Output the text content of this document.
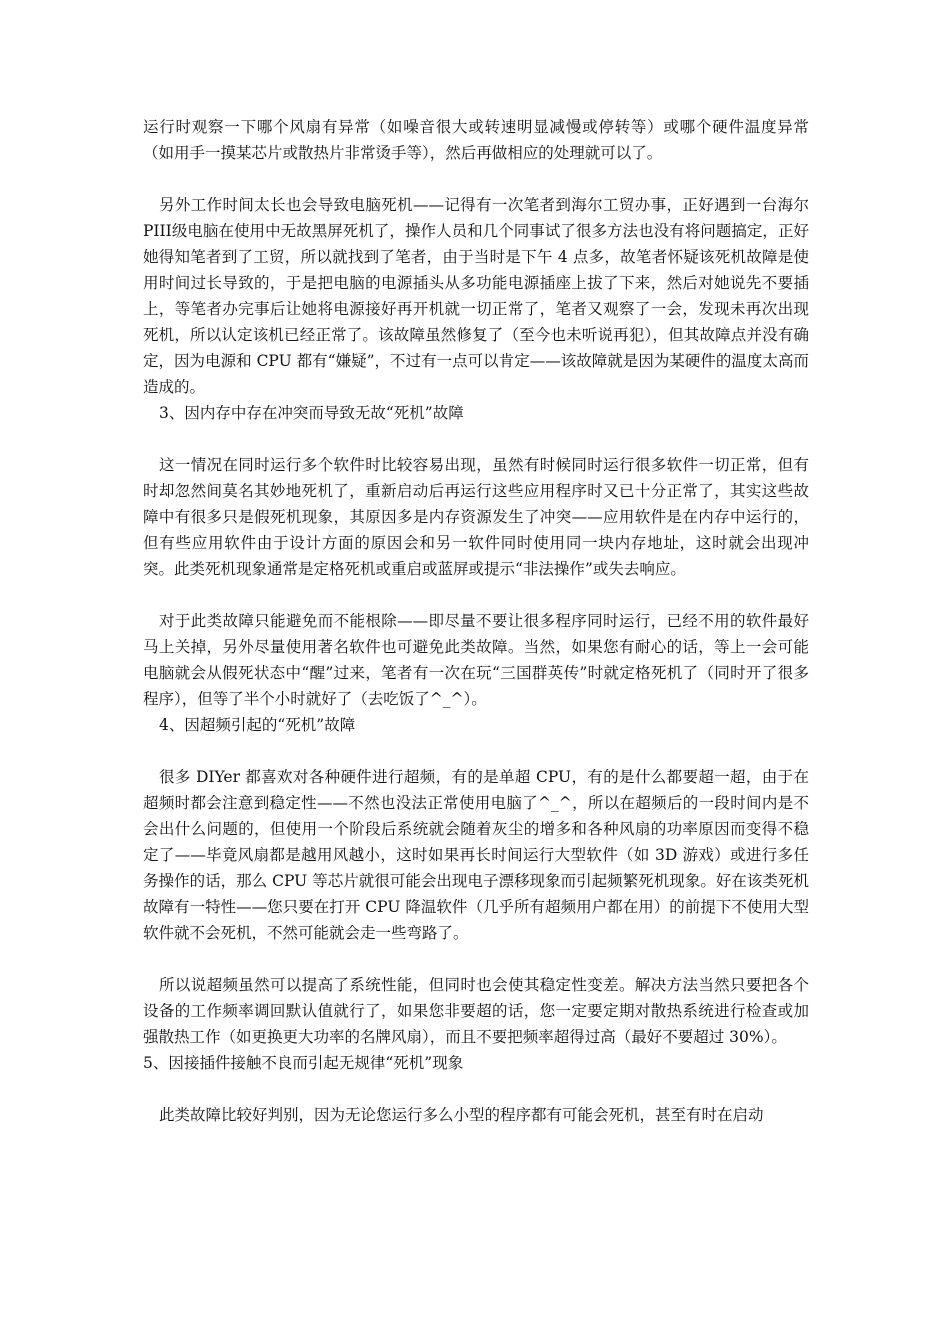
运行时观察一下哪个风扇有异常（如噪音很大或转速明显减慢或停转等）或哪个硬件温度异常（如用手一摸某芯片或散热片非常烫手等），然后再做相应的处理就可以了。

另外工作时间太长也会导致电脑死机——记得有一次笔者到海尔工贸办事，正好遇到一台海尔 PIII级电脑在使用中无故黑屏死机了，操作人员和几个同事试了很多方法也没有将问题搞定，正好她得知笔者到了工贸，所以就找到了笔者，由于当时是下午 4 点多，故笔者怀疑该死机故障是使用时间过长导致的，于是把电脑的电源插头从多功能电源插座上拔了下来，然后对她说先不要插上，等笔者办完事后让她将电源接好再开机就一切正常了，笔者又观察了一会，发现未再次出现死机，所以认定该机已经正常了。该故障虽然修复了（至今也未听说再犯），但其故障点并没有确定，因为电源和 CPU 都有“嫌疑”，不过有一点可以肯定——该故障就是因为某硬件的温度太高而造成的。

3、因内存中存在冲突而导致无故“死机”故障

这一情况在同时运行多个软件时比较容易出现，虽然有时候同时运行很多软件一切正常，但有时却忽然间莫名其妙地死机了，重新启动后再运行这些应用程序时又已十分正常了，其实这些故障中有很多只是假死机现象，其原因多是内存资源发生了冲突——应用软件是在内存中运行的，但有些应用软件由于设计方面的原因会和另一软件同时使用同一块内存地址，这时就会出现冲突。此类死机现象通常是定格死机或重启或蓝屏或提示“非法操作”或失去响应。

对于此类故障只能避免而不能根除——即尽量不要让很多程序同时运行，已经不用的软件最好马上关掉，另外尽量使用著名软件也可避免此类故障。当然，如果您有耐心的话，等上一会可能电脑就会从假死状态中“醒”过来，笔者有一次在玩“三国群英传”时就定格死机了（同时开了很多程序），但等了半个小时就好了（去吃饭了^_^）。

4、因超频引起的“死机”故障

很多 DIYer 都喜欢对各种硬件进行超频，有的是单超 CPU，有的是什么都要超一超，由于在超频时都会注意到稳定性——不然也没法正常使用电脑了^_^，所以在超频后的一段时间内是不会出什么问题的，但使用一个阶段后系统就会随着灰尘的增多和各种风扇的功率原因而变得不稳定了——毕竟风扇都是越用风越小，这时如果再长时间运行大型软件（如 3D 游戏）或进行多任务操作的话，那么 CPU 等芯片就很可能会出现电子漂移现象而引起频繁死机现象。好在该类死机故障有一特性——您只要在打开 CPU 降温软件（几乎所有超频用户都在用）的前提下不使用大型软件就不会死机，不然可能就会走一些弯路了。

所以说超频虽然可以提高了系统性能，但同时也会使其稳定性变差。解决方法当然只要把各个设备的工作频率调回默认值就行了，如果您非要超的话，您一定要定期对散热系统进行检查或加强散热工作（如更换更大功率的名牌风扇），而且不要把频率超得过高（最好不要超过 30%）。

5、因接插件接触不良而引起无规律“死机”现象

此类故障比较好判别，因为无论您运行多么小型的程序都有可能会死机，甚至有时在启动
